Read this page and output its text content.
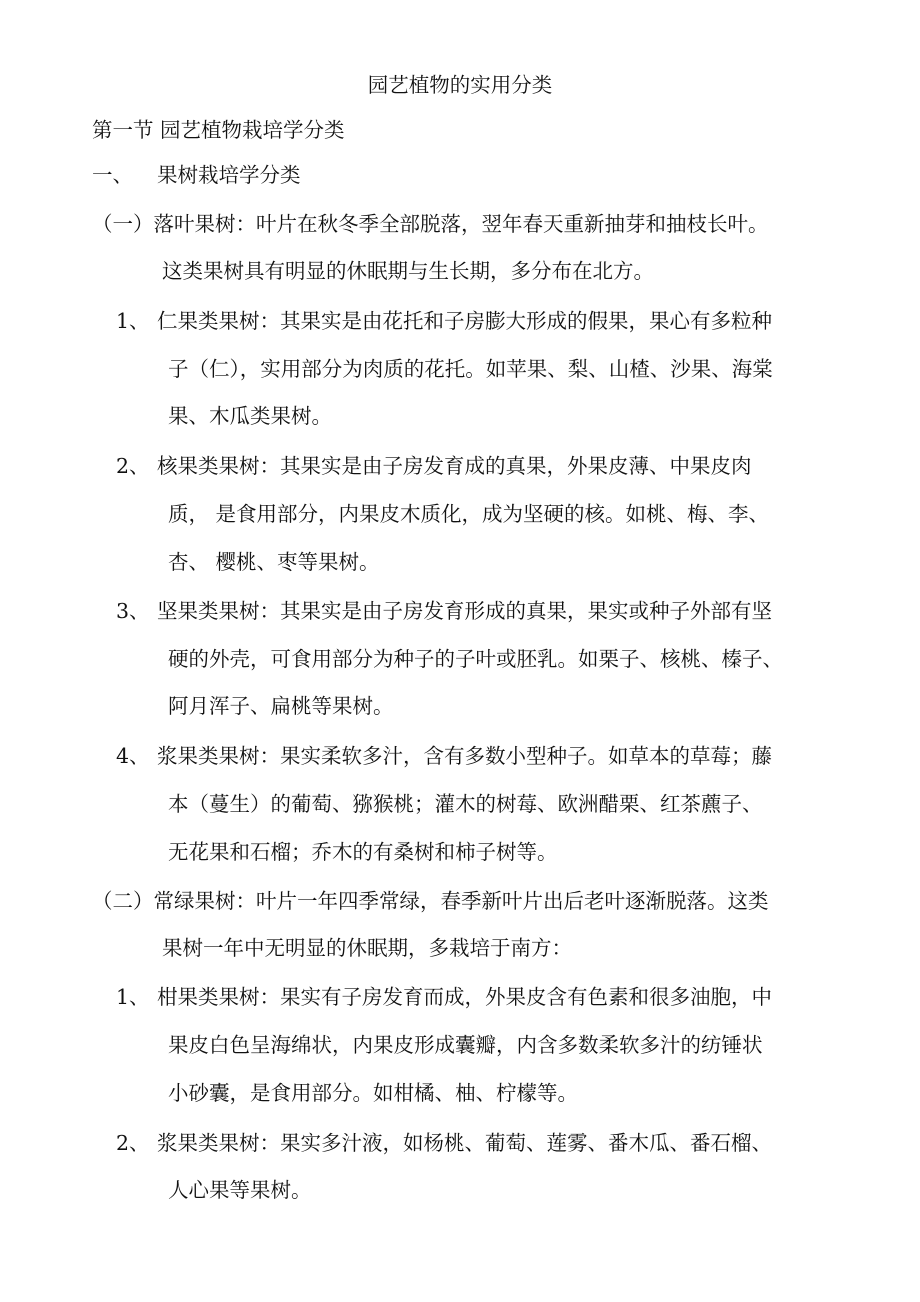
园艺植物的实用分类
第一节 园艺植物栽培学分类
一、 果树栽培学分类
（一）落叶果树：叶片在秋冬季全部脱落，翌年春天重新抽芽和抽枝长叶。
这类果树具有明显的休眠期与生长期，多分布在北方。
1、 仁果类果树：其果实是由花托和子房膨大形成的假果，果心有多粒种
子（仁），实用部分为肉质的花托。如苹果、梨、山楂、沙果、海棠
果、木瓜类果树。
2、 核果类果树：其果实是由子房发育成的真果，外果皮薄、中果皮肉
质， 是食用部分，内果皮木质化，成为坚硬的核。如桃、梅、李、
杏、 樱桃、枣等果树。
3、 坚果类果树：其果实是由子房发育形成的真果，果实或种子外部有坚
硬的外壳，可食用部分为种子的子叶或胚乳。如栗子、核桃、榛子、
阿月浑子、扁桃等果树。
4、 浆果类果树：果实柔软多汁，含有多数小型种子。如草本的草莓；藤
本（蔓生）的葡萄、猕猴桃；灌木的树莓、欧洲醋栗、红茶藨子、
无花果和石榴；乔木的有桑树和柿子树等。
（二）常绿果树：叶片一年四季常绿，春季新叶片出后老叶逐渐脱落。这类
果树一年中无明显的休眠期，多栽培于南方：
1、 柑果类果树：果实有子房发育而成，外果皮含有色素和很多油胞，中
果皮白色呈海绵状，内果皮形成囊瓣，内含多数柔软多汁的纺锤状
小砂囊，是食用部分。如柑橘、柚、柠檬等。
2、 浆果类果树：果实多汁液，如杨桃、葡萄、莲雾、番木瓜、番石榴、
人心果等果树。
